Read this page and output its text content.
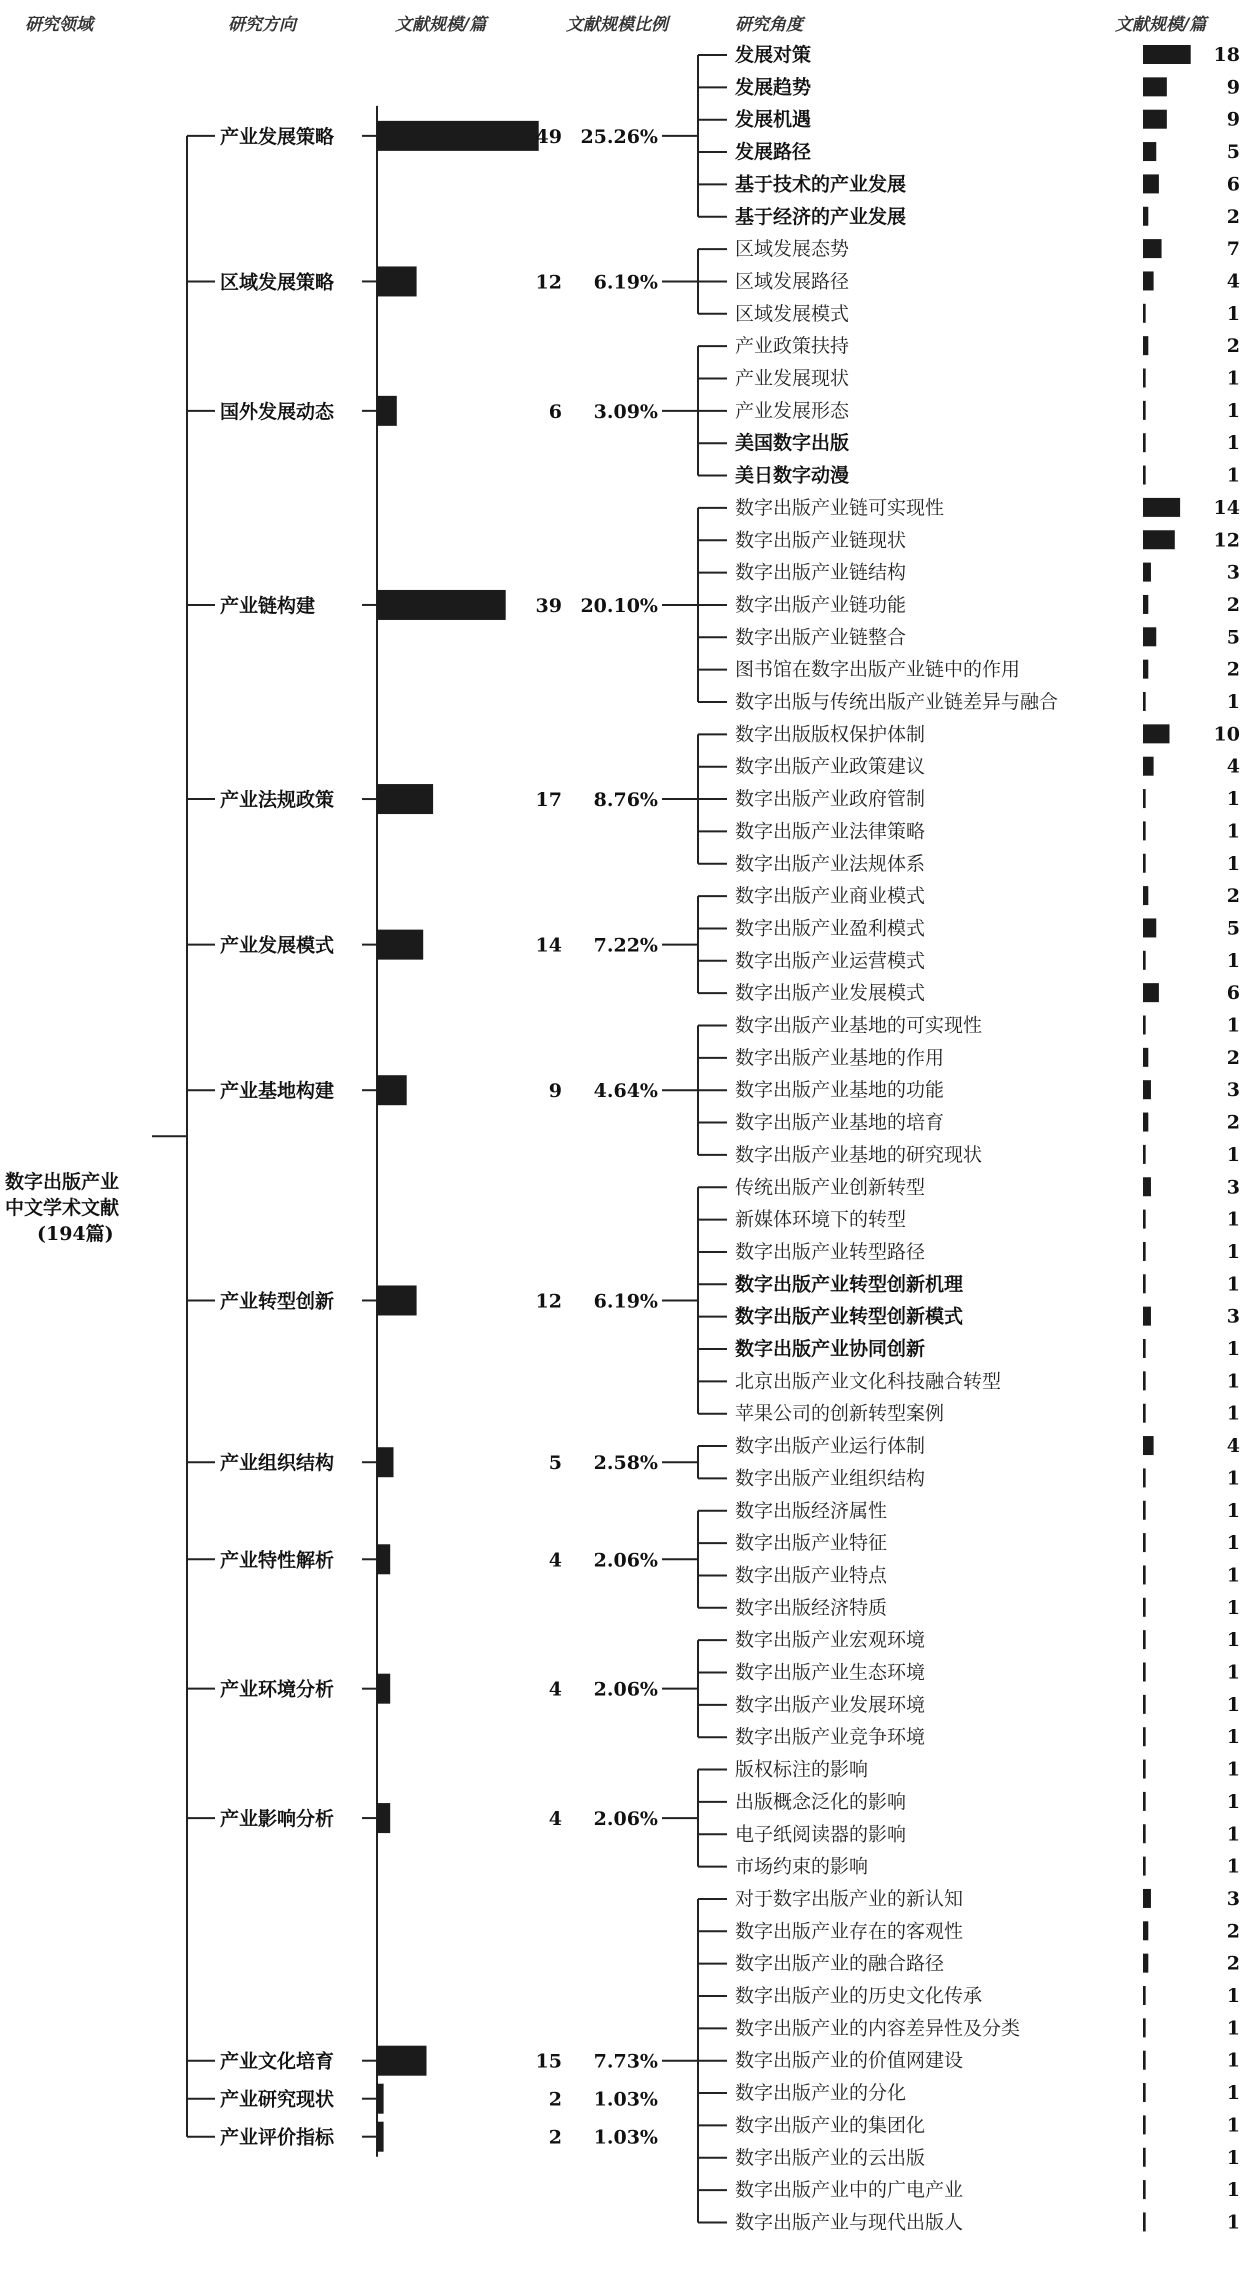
研究领域	研究方向	文献规模/篇	文献规模比例	研究角度	文献规模/篇
数字出版产业
中文学术文献
(194篇)
产业发展策略	49 25.26%
区域发展策略	12 6.19%
国外发展动态	6 3.09%
产业链构建	39 20.10%
产业法规政策	17 8.76%
产业发展模式	14 7.22%
产业基地构建	9 4.64%
产业转型创新	12 6.19%
产业组织结构	5 2.58%
产业特性解析	4 2.06%
产业环境分析	4 2.06%
产业影响分析	4 2.06%
产业文化培育	15 7.73%
产业研究现状	2 1.03%
产业评价指标	2 1.03%
发展对策	18
发展趋势	9
发展机遇	9
发展路径	5
基于技术的产业发展	6
基于经济的产业发展	2
区域发展态势	7
区域发展路径	4
区域发展模式	1
产业政策扶持	2
产业发展现状	1
产业发展形态	1
美国数字出版	1
美日数字动漫	1
数字出版产业链可实现性	14
数字出版产业链现状	12
数字出版产业链结构	3
数字出版产业链功能	2
数字出版产业链整合	5
图书馆在数字出版产业链中的作用	2
数字出版与传统出版产业链差异与融合	1
数字出版版权保护体制	10
数字出版产业政策建议	4
数字出版产业政府管制	1
数字出版产业法律策略	1
数字出版产业法规体系	1
数字出版产业商业模式	2
数字出版产业盈利模式	5
数字出版产业运营模式	1
数字出版产业发展模式	6
数字出版产业基地的可实现性	1
数字出版产业基地的作用	2
数字出版产业基地的功能	3
数字出版产业基地的培育	2
数字出版产业基地的研究现状	1
传统出版产业创新转型	3
新媒体环境下的转型	1
数字出版产业转型路径	1
数字出版产业转型创新机理	1
数字出版产业转型创新模式	3
数字出版产业协同创新	1
北京出版产业文化科技融合转型	1
苹果公司的创新转型案例	1
数字出版产业运行体制	4
数字出版产业组织结构	1
数字出版经济属性	1
数字出版产业特征	1
数字出版产业特点	1
数字出版经济特质	1
数字出版产业宏观环境	1
数字出版产业生态环境	1
数字出版产业发展环境	1
数字出版产业竞争环境	1
版权标注的影响	1
出版概念泛化的影响	1
电子纸阅读器的影响	1
市场约束的影响	1
对于数字出版产业的新认知	3
数字出版产业存在的客观性	2
数字出版产业的融合路径	2
数字出版产业的历史文化传承	1
数字出版产业的内容差异性及分类	1
数字出版产业的价值网建设	1
数字出版产业的分化	1
数字出版产业的集团化	1
数字出版产业的云出版	1
数字出版产业中的广电产业	1
数字出版产业与现代出版人	1
